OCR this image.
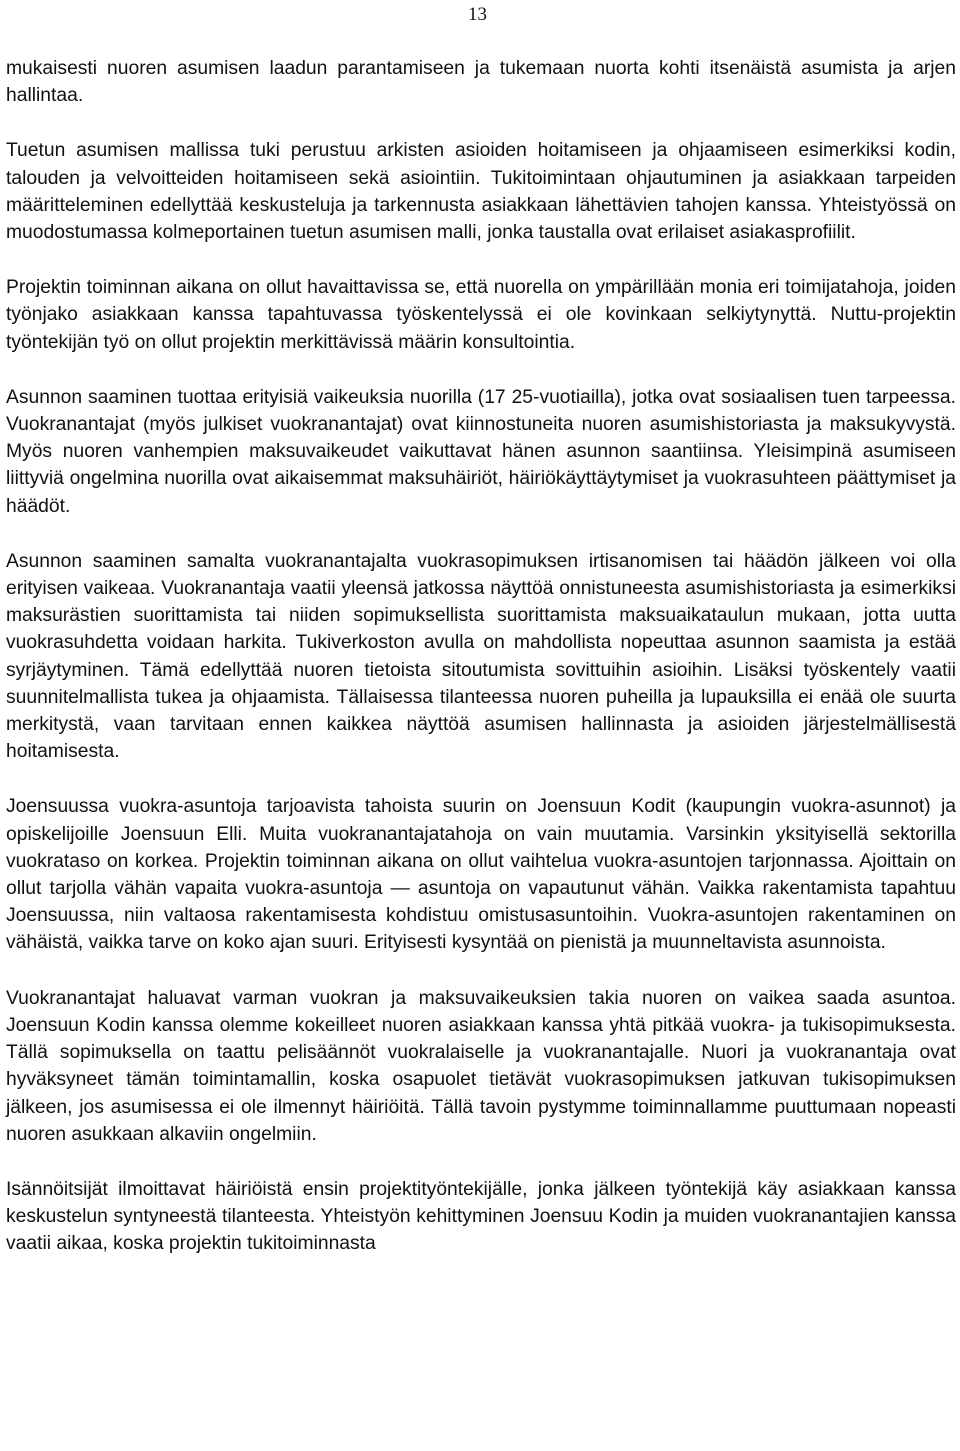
13

mukaisesti nuoren asumisen laadun parantamiseen ja tukemaan nuorta kohti itsenäistä asumista ja arjen hallintaa.

Tuetun asumisen mallissa tuki perustuu arkisten asioiden hoitamiseen ja ohjaamiseen esimerkiksi kodin, talouden ja velvoitteiden hoitamiseen sekä asiointiin. Tukitoimintaan ohjautuminen ja asiakkaan tarpeiden määritteleminen edellyttää keskusteluja ja tarkennusta asiakkaan lähettävien tahojen kanssa. Yhteistyössä on muodostumassa kolmeportainen tuetun asumisen malli, jonka taustalla ovat erilaiset asiakasprofiilit.

Projektin toiminnan aikana on ollut havaittavissa se, että nuorella on ympärillään monia eri toimijatahoja, joiden työnjako asiakkaan kanssa tapahtuvassa työskentelyssä ei ole kovinkaan selkiytynyttä. Nuttu-projektin työntekijän työ on ollut projektin merkittävissä määrin konsultointia.

Asunnon saaminen tuottaa erityisiä vaikeuksia nuorilla (17 25-vuotiailla), jotka ovat sosiaalisen tuen tarpeessa. Vuokranantajat (myös julkiset vuokranantajat) ovat kiinnostuneita nuoren asumishistoriasta ja maksukyvystä. Myös nuoren vanhempien maksuvaikeudet vaikuttavat hänen asunnon saantiinsa. Yleisimpinä asumiseen liittyviä ongelmina nuorilla ovat aikaisemmat maksuhäiriöt, häiriökäyttäytymiset ja vuokrasuhteen päättymiset ja häädöt.

Asunnon saaminen samalta vuokranantajalta vuokrasopimuksen irtisanomisen tai häädön jälkeen voi olla erityisen vaikeaa. Vuokranantaja vaatii yleensä jatkossa näyttöä onnistuneesta asumishistoriasta ja esimerkiksi maksurästien suorittamista tai niiden sopimuksellista suorittamista maksuaikataulun mukaan, jotta uutta vuokrasuhdetta voidaan harkita. Tukiverkoston avulla on mahdollista nopeuttaa asunnon saamista ja estää syrjäytyminen. Tämä edellyttää nuoren tietoista sitoutumista sovittuihin asioihin. Lisäksi työskentely vaatii suunnitelmallista tukea ja ohjaamista. Tällaisessa tilanteessa nuoren puheilla ja lupauksilla ei enää ole suurta merkitystä, vaan tarvitaan ennen kaikkea näyttöä asumisen hallinnasta ja asioiden järjestelmällisestä hoitamisesta.

Joensuussa vuokra-asuntoja tarjoavista tahoista suurin on Joensuun Kodit (kaupungin vuokra-asunnot) ja opiskelijoille Joensuun Elli. Muita vuokranantajatahoja on vain muutamia. Varsinkin yksityisellä sektorilla vuokrataso on korkea. Projektin toiminnan aikana on ollut vaihtelua vuokra-asuntojen tarjonnassa. Ajoittain on ollut tarjolla vähän vapaita vuokra-asuntoja — asuntoja on vapautunut vähän. Vaikka rakentamista tapahtuu Joensuussa, niin valtaosa rakentamisesta kohdistuu omistusasuntoihin. Vuokra-asuntojen rakentaminen on vähäistä, vaikka tarve on koko ajan suuri. Erityisesti kysyntää on pienistä ja muunneltavista asunnoista.

Vuokranantajat haluavat varman vuokran ja maksuvaikeuksien takia nuoren on vaikea saada asuntoa. Joensuun Kodin kanssa olemme kokeilleet nuoren asiakkaan kanssa yhtä pitkää vuokra- ja tukisopimuksesta. Tällä sopimuksella on taattu pelisäännöt vuokralaiselle ja vuokranantajalle. Nuori ja vuokranantaja ovat hyväksyneet tämän toimintamallin, koska osapuolet tietävät vuokrasopimuksen jatkuvan tukisopimuksen jälkeen, jos asumisessa ei ole ilmennyt häiriöitä. Tällä tavoin pystymme toiminnallamme puuttumaan nopeasti nuoren asukkaan alkaviin ongelmiin.

Isännöitsijät ilmoittavat häiriöistä ensin projektityöntekijälle, jonka jälkeen työntekijä käy asiakkaan kanssa keskustelun syntyneestä tilanteesta. Yhteistyön kehittyminen Joensuu Kodin ja muiden vuokranantajien kanssa vaatii aikaa, koska projektin tukitoiminnasta
